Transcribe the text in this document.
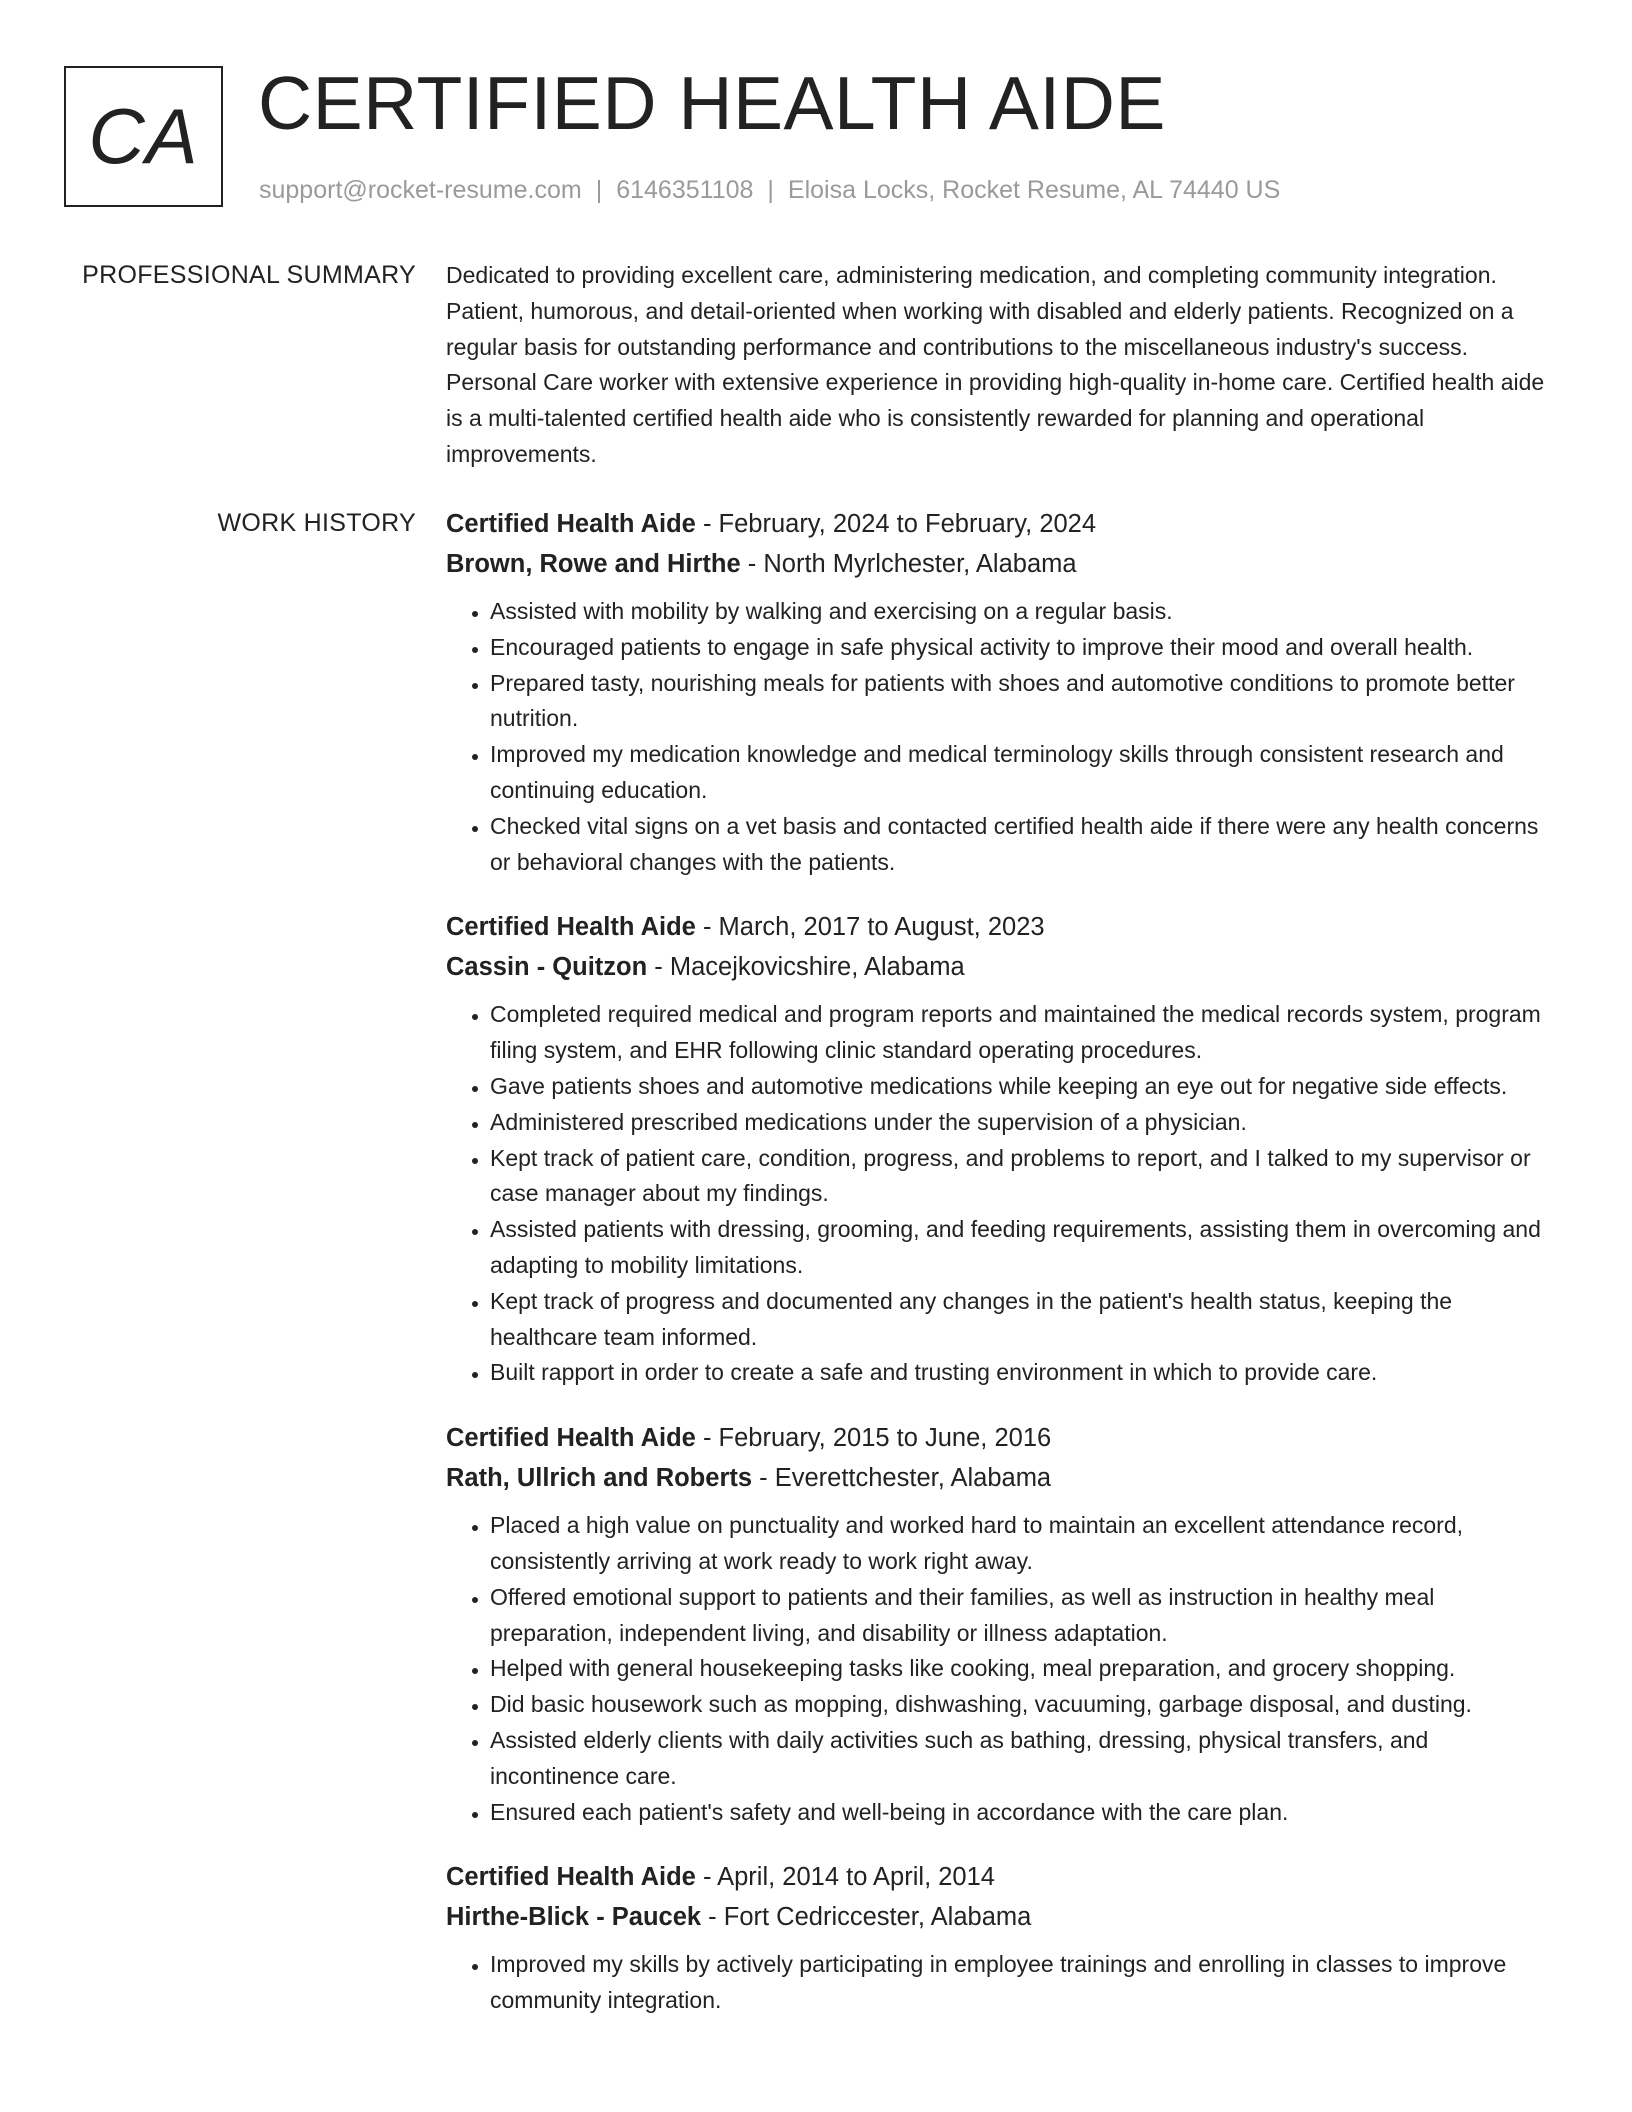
CA CERTIFIED HEALTH AIDE
support@rocket-resume.com | 6146351108 | Eloisa Locks, Rocket Resume, AL 74440 US
PROFESSIONAL SUMMARY Dedicated to providing excellent care, administering medication, and completing community integration. Patient, humorous, and detail-oriented when working with disabled and elderly patients. Recognized on a regular basis for outstanding performance and contributions to the miscellaneous industry's success. Personal Care worker with extensive experience in providing high-quality in-home care. Certified health aide is a multi-talented certified health aide who is consistently rewarded for planning and operational improvements.

WORK HISTORY Certified Health Aide - February, 2024 to February, 2024
Brown, Rowe and Hirthe - North Myrlchester, Alabama
• Assisted with mobility by walking and exercising on a regular basis.
• Encouraged patients to engage in safe physical activity to improve their mood and overall health.
• Prepared tasty, nourishing meals for patients with shoes and automotive conditions to promote better nutrition.
• Improved my medication knowledge and medical terminology skills through consistent research and continuing education.
• Checked vital signs on a vet basis and contacted certified health aide if there were any health concerns or behavioral changes with the patients.
Certified Health Aide - March, 2017 to August, 2023
Cassin - Quitzon - Macejkovicshire, Alabama
• Completed required medical and program reports and maintained the medical records system, program filing system, and EHR following clinic standard operating procedures.
• Gave patients shoes and automotive medications while keeping an eye out for negative side effects.
• Administered prescribed medications under the supervision of a physician.
• Kept track of patient care, condition, progress, and problems to report, and I talked to my supervisor or case manager about my findings.
• Assisted patients with dressing, grooming, and feeding requirements, assisting them in overcoming and adapting to mobility limitations.
• Kept track of progress and documented any changes in the patient's health status, keeping the healthcare team informed.
• Built rapport in order to create a safe and trusting environment in which to provide care.
Certified Health Aide - February, 2015 to June, 2016
Rath, Ullrich and Roberts - Everettchester, Alabama
• Placed a high value on punctuality and worked hard to maintain an excellent attendance record, consistently arriving at work ready to work right away.
• Offered emotional support to patients and their families, as well as instruction in healthy meal preparation, independent living, and disability or illness adaptation.
• Helped with general housekeeping tasks like cooking, meal preparation, and grocery shopping.
• Did basic housework such as mopping, dishwashing, vacuuming, garbage disposal, and dusting.
• Assisted elderly clients with daily activities such as bathing, dressing, physical transfers, and incontinence care.
• Ensured each patient's safety and well-being in accordance with the care plan.
Certified Health Aide - April, 2014 to April, 2014
Hirthe-Blick - Paucek - Fort Cedriccester, Alabama
• Improved my skills by actively participating in employee trainings and enrolling in classes to improve community integration.
